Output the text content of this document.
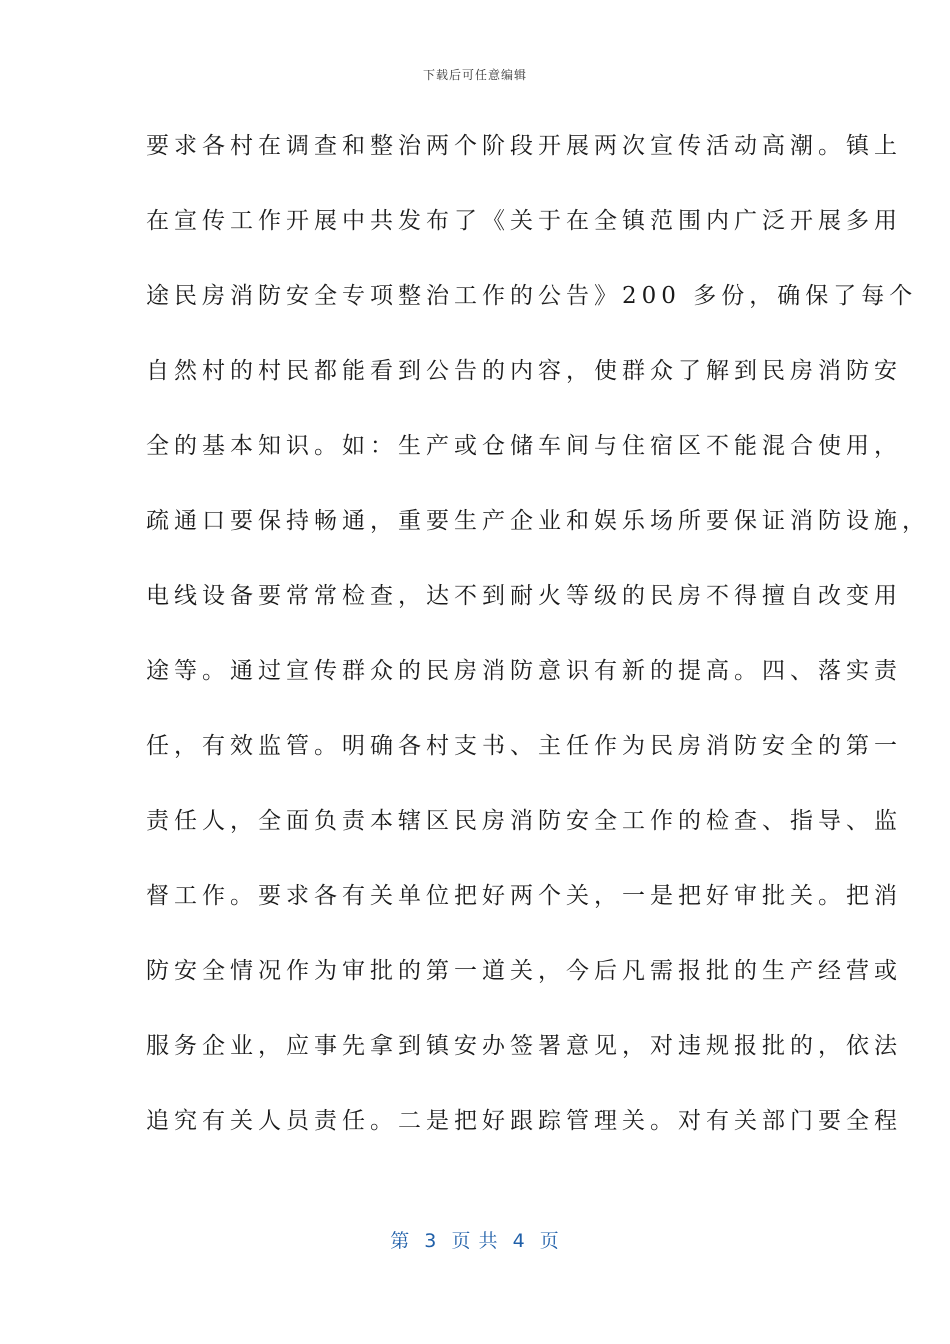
下载后可任意编辑
要求各村在调查和整治两个阶段开展两次宣传活动高潮。镇上
在宣传工作开展中共发布了《关于在全镇范围内广泛开展多用
途民房消防安全专项整治工作的公告》200 多份，确保了每个
自然村的村民都能看到公告的内容，使群众了解到民房消防安
全的基本知识。如：生产或仓储车间与住宿区不能混合使用，
疏通口要保持畅通，重要生产企业和娱乐场所要保证消防设施，
电线设备要常常检查，达不到耐火等级的民房不得擅自改变用
途等。通过宣传群众的民房消防意识有新的提高。四、落实责
任，有效监管。明确各村支书、主任作为民房消防安全的第一
责任人，全面负责本辖区民房消防安全工作的检查、指导、监
督工作。要求各有关单位把好两个关，一是把好审批关。把消
防安全情况作为审批的第一道关，今后凡需报批的生产经营或
服务企业，应事先拿到镇安办签署意见，对违规报批的，依法
追究有关人员责任。二是把好跟踪管理关。对有关部门要全程
第  3  页 共  4  页
